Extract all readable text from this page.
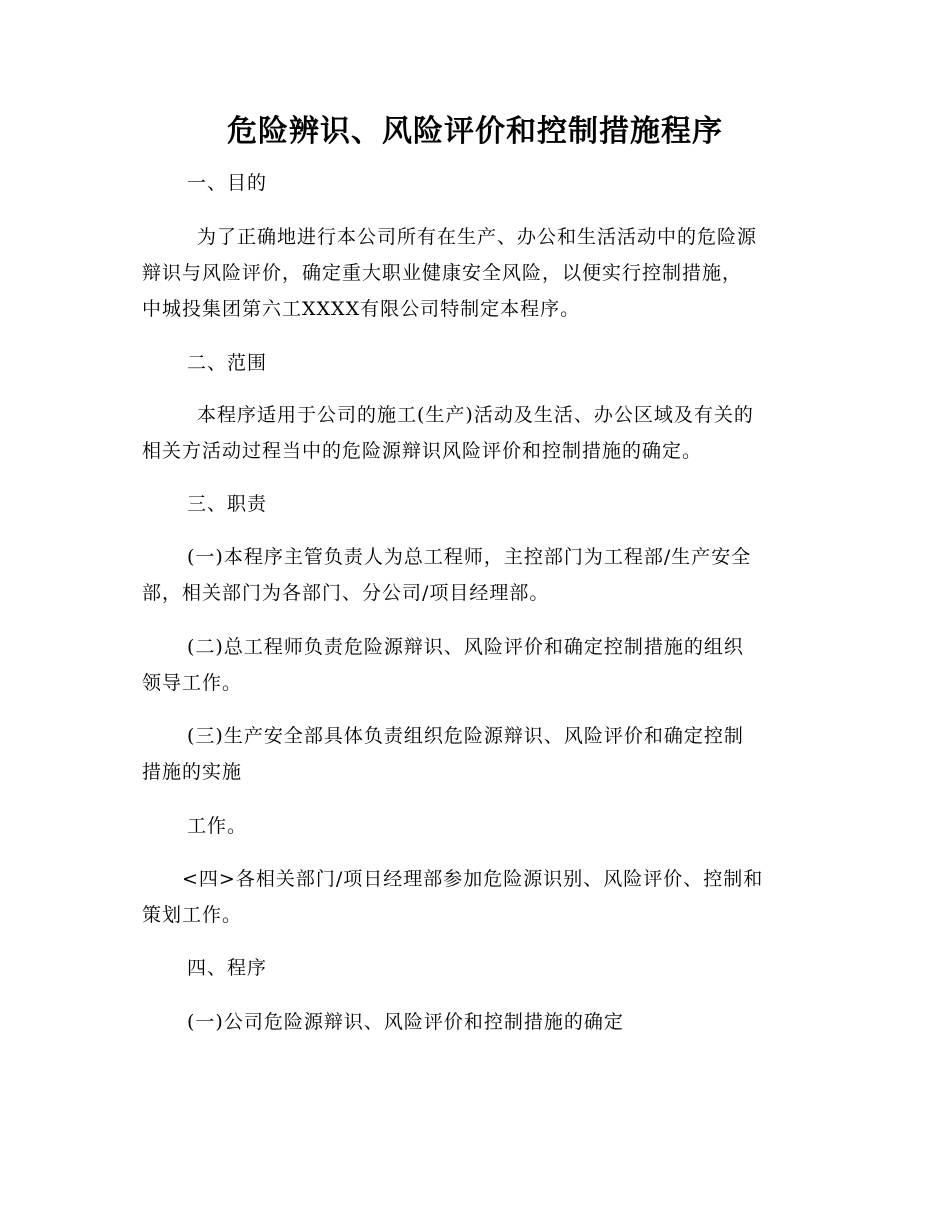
危险辨识、风险评价和控制措施程序

一、目的

为了正确地进行本公司所有在生产、办公和生活活动中的危险源
辩识与风险评价，确定重大职业健康安全风险，以便实行控制措施，
中城投集团第六工XXXX有限公司特制定本程序。

二、范围

本程序适用于公司的施工(生产)活动及生活、办公区域及有关的
相关方活动过程当中的危险源辩识风险评价和控制措施的确定。

三、职责

(一)本程序主管负责人为总工程师，主控部门为工程部/生产安全
部，相关部门为各部门、分公司/项目经理部。
(二)总工程师负责危险源辩识、风险评价和确定控制措施的组织
领导工作。
(三)生产安全部具体负责组织危险源辩识、风险评价和确定控制
措施的实施

工作。

<四>各相关部门/项日经理部参加危险源识别、风险评价、控制和
策划工作。

四、程序

(一)公司危险源辩识、风险评价和控制措施的确定
